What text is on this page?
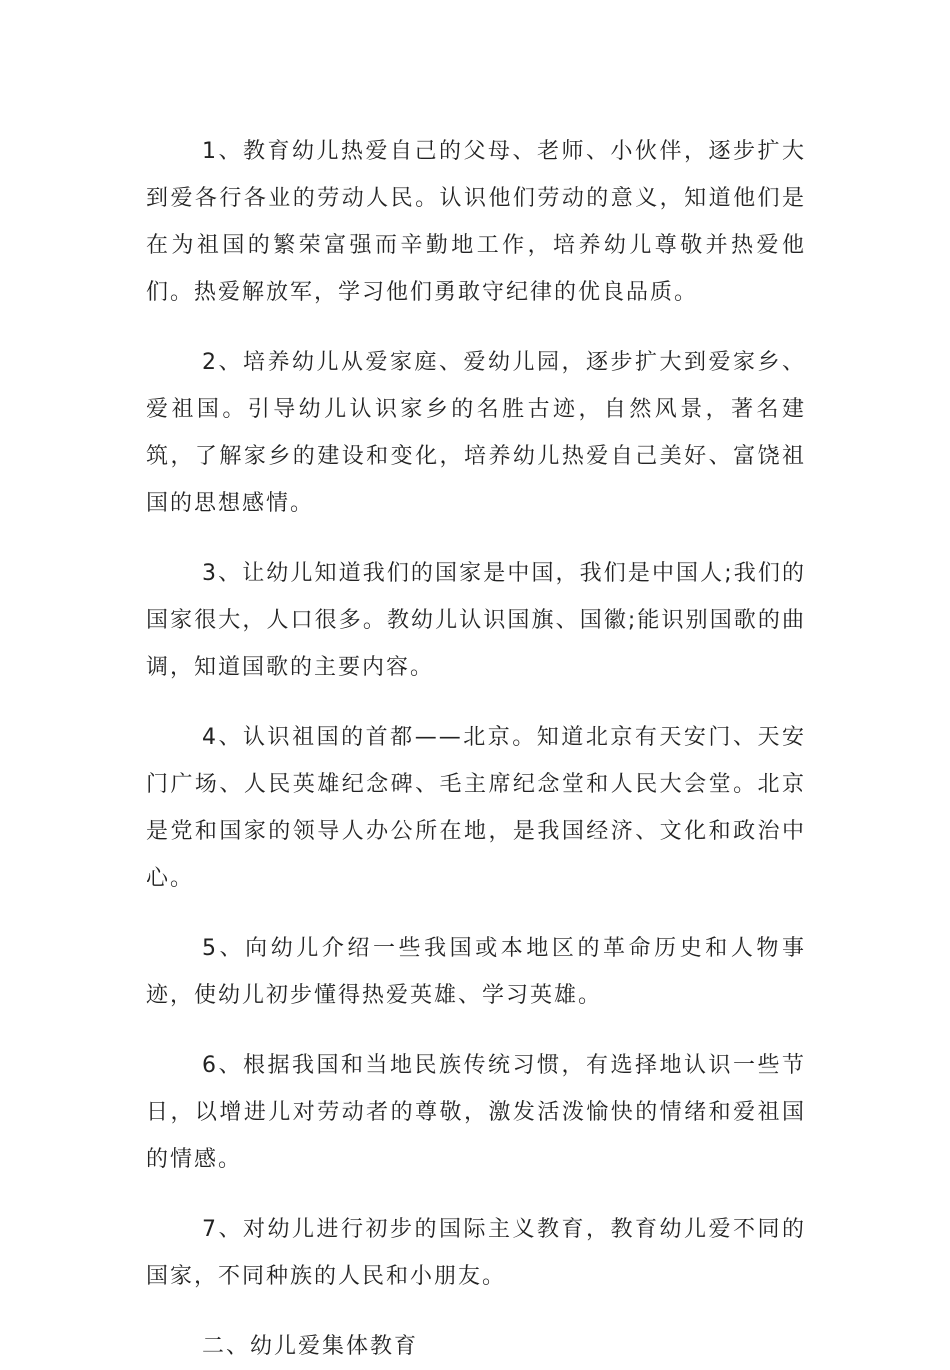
1、教育幼儿热爱自己的父母、老师、小伙伴，逐步扩大到爱各行各业的劳动人民。认识他们劳动的意义，知道他们是在为祖国的繁荣富强而辛勤地工作，培养幼儿尊敬并热爱他们。热爱解放军，学习他们勇敢守纪律的优良品质。

2、培养幼儿从爱家庭、爱幼儿园，逐步扩大到爱家乡、爱祖国。引导幼儿认识家乡的名胜古迹，自然风景，著名建筑，了解家乡的建设和变化，培养幼儿热爱自己美好、富饶祖国的思想感情。

3、让幼儿知道我们的国家是中国，我们是中国人;我们的国家很大，人口很多。教幼儿认识国旗、国徽;能识别国歌的曲调，知道国歌的主要内容。

4、认识祖国的首都——北京。知道北京有天安门、天安门广场、人民英雄纪念碑、毛主席纪念堂和人民大会堂。北京是党和国家的领导人办公所在地，是我国经济、文化和政治中心。

5、向幼儿介绍一些我国或本地区的革命历史和人物事迹，使幼儿初步懂得热爱英雄、学习英雄。

6、根据我国和当地民族传统习惯，有选择地认识一些节日，以增进儿对劳动者的尊敬，激发活泼愉快的情绪和爱祖国的情感。

7、对幼儿进行初步的国际主义教育，教育幼儿爱不同的国家，不同种族的人民和小朋友。

二、幼儿爱集体教育
